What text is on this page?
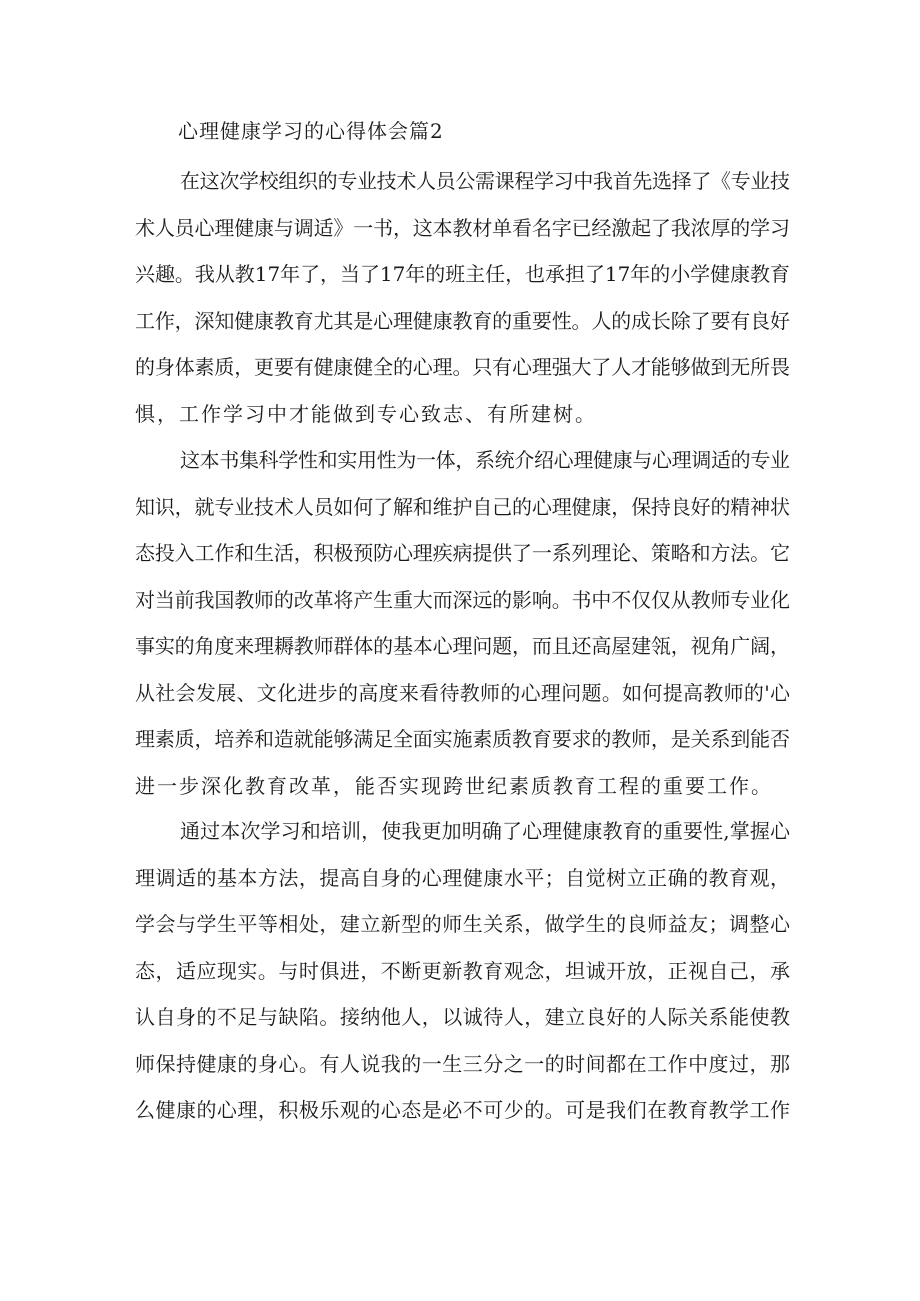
心理健康学习的心得体会篇2
在这次学校组织的专业技术人员公需课程学习中我首先选择了《专业技
术人员心理健康与调适》一书，这本教材单看名字已经激起了我浓厚的学习
兴趣。我从教17年了，当了17年的班主任，也承担了17年的小学健康教育
工作，深知健康教育尤其是心理健康教育的重要性。人的成长除了要有良好
的身体素质，更要有健康健全的心理。只有心理强大了人才能够做到无所畏
惧，工作学习中才能做到专心致志、有所建树。
这本书集科学性和实用性为一体，系统介绍心理健康与心理调适的专业
知识，就专业技术人员如何了解和维护自己的心理健康，保持良好的精神状
态投入工作和生活，积极预防心理疾病提供了一系列理论、策略和方法。它
对当前我国教师的改革将产生重大而深远的影响。书中不仅仅从教师专业化
事实的角度来理耨教师群体的基本心理问题，而且还高屋建瓴，视角广阔，
从社会发展、文化进步的高度来看待教师的心理问题。如何提高教师的'心
理素质，培养和造就能够满足全面实施素质教育要求的教师，是关系到能否
进一步深化教育改革，能否实现跨世纪素质教育工程的重要工作。
通过本次学习和培训，使我更加明确了心理健康教育的重要性,掌握心
理调适的基本方法，提高自身的心理健康水平；自觉树立正确的教育观，
学会与学生平等相处，建立新型的师生关系，做学生的良师益友；调整心
态，适应现实。与时俱进，不断更新教育观念，坦诚开放，正视自己，承
认自身的不足与缺陷。接纳他人，以诚待人，建立良好的人际关系能使教
师保持健康的身心。有人说我的一生三分之一的时间都在工作中度过，那
么健康的心理，积极乐观的心态是必不可少的。可是我们在教育教学工作
